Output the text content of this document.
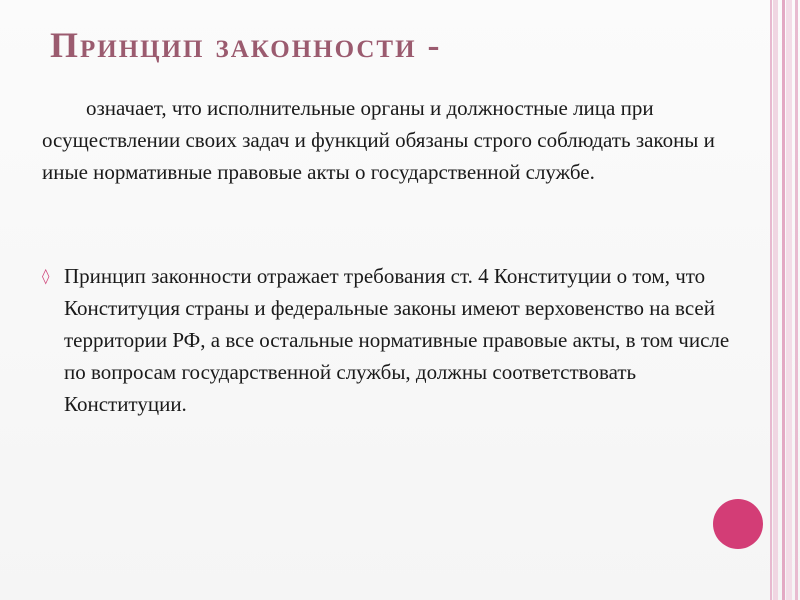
Принцип законности -

означает, что исполнительные органы и должностные лица при осуществлении своих задач и функций обязаны строго соблюдать законы и иные нормативные правовые акты о государственной службе.

◊ Принцип законности отражает требования ст. 4 Конституции о том, что Конституция страны и федеральные законы имеют верховенство на всей территории РФ, а все остальные нормативные правовые акты, в том числе по вопросам государственной службы, должны соответствовать Конституции.
